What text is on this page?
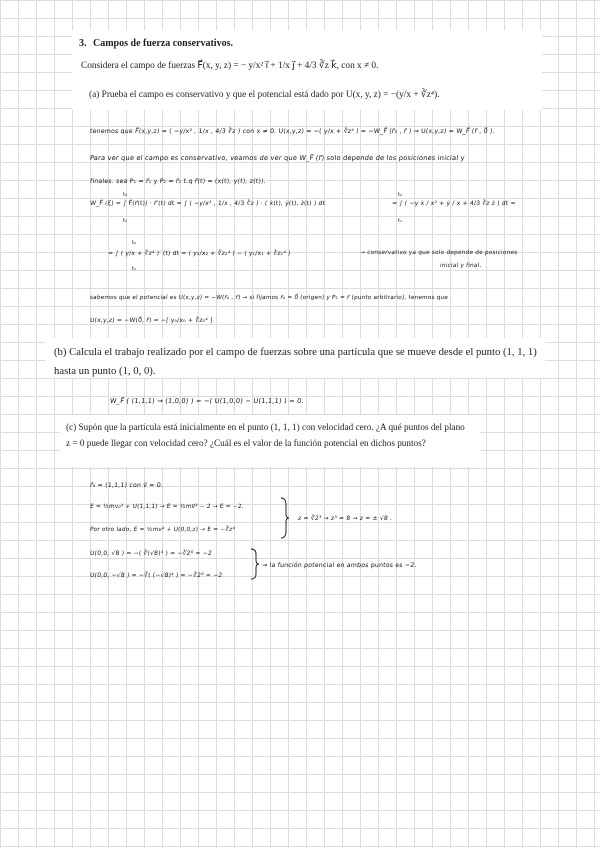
3. Campos de fuerza conservativos.
Considera el campo de fuerzas F⃗(x, y, z) = − y/x² i⃗ + 1/x j⃗ + 4/3 ∛z k⃗, con x ≠ 0.
(a) Prueba el campo es conservativo y que el potencial está dado por U(x, y, z) = −(y/x + ∛z⁴).
tenemos que F⃗(x,y,z) = ( −y/x² , 1/x , 4/3 ∛z ) con x ≠ 0. U(x,y,z) = −( y/x + ∛z⁴ ) = −W_F⃗ (r⃗₀ , r⃗ ) → U(x,y,z) = W_F⃗ (r⃗ , 0⃗ ).
Para ver que el campo es conservativo, veamos de ver que W_F⃗ (r⃗) solo depende de los posiciones inicial y
finales. sea P₁ = r⃗₁ y P₂ = r⃗₂ t.q r⃗(t) = (x(t), y(t), z(t)).
W_F⃗ (ξ) = ∫ F⃗(r⃗(t)) · r⃗′(t) dt = ∫ ( −y/x² , 1/x , 4/3 ∛z ) · ( ẋ(t), ẏ(t), ż(t) ) dt
t₂
t₁
= ∫ ( −y ẋ / x² + ẏ / x + 4/3 ∛z ż ) dt =
t₂
t₁
= ∫ ( y/x + ∛z⁴ )′ (t) dt = ( y₂/x₂ + ∛z₂⁴ ) − ( y₁/x₁ + ∛z₁⁴ )
t₂
t₁
→ conservativo ya que solo depende de posiciones
inicial y final.
sabemos que el potencial es U(x,y,z) = −W(r⃗₀ , r⃗) → si fijamos r⃗₀ = 0⃗ (origen) y P₂ = r⃗ (punto arbitrario), tenemos que
U(x,y,z) = −W(0⃗, r⃗) = −[ y₀/x₀ + ∛z₀⁴ ]
(b) Calcula el trabajo realizado por el campo de fuerzas sobre una partícula que se mueve desde el punto (1, 1, 1) hasta un punto (1, 0, 0).
W_F⃗ ( (1,1,1) → (1,0,0) ) = −( U(1,0,0) − U(1,1,1) ) = 0.
(c) Supón que la partícula está inicialmente en el punto (1, 1, 1) con velocidad cero. ¿A qué puntos del plano z = 0 puede llegar con velocidad cero? ¿Cuál es el valor de la función potencial en dichos puntos?
r⃗₀ = (1,1,1) con v⃗ = 0.
E = ½mv₀² + U(1,1,1) → E = ½mv⃗² − 2 → E = −2.
Por otro lado, E = ½mv² + U(0,0,z) → E = −∛z⁴
z = ∛2³ → z³ = 8 → z = ± √8 .
U(0,0, √8 ) = −( ∛(√8)⁴ ) = −∛2⁶ = −2
U(0,0, −√8 ) = −∛( (−√8)⁴ ) = −∛2⁶ = −2
→ la función potencial en ambos puntos es −2.
